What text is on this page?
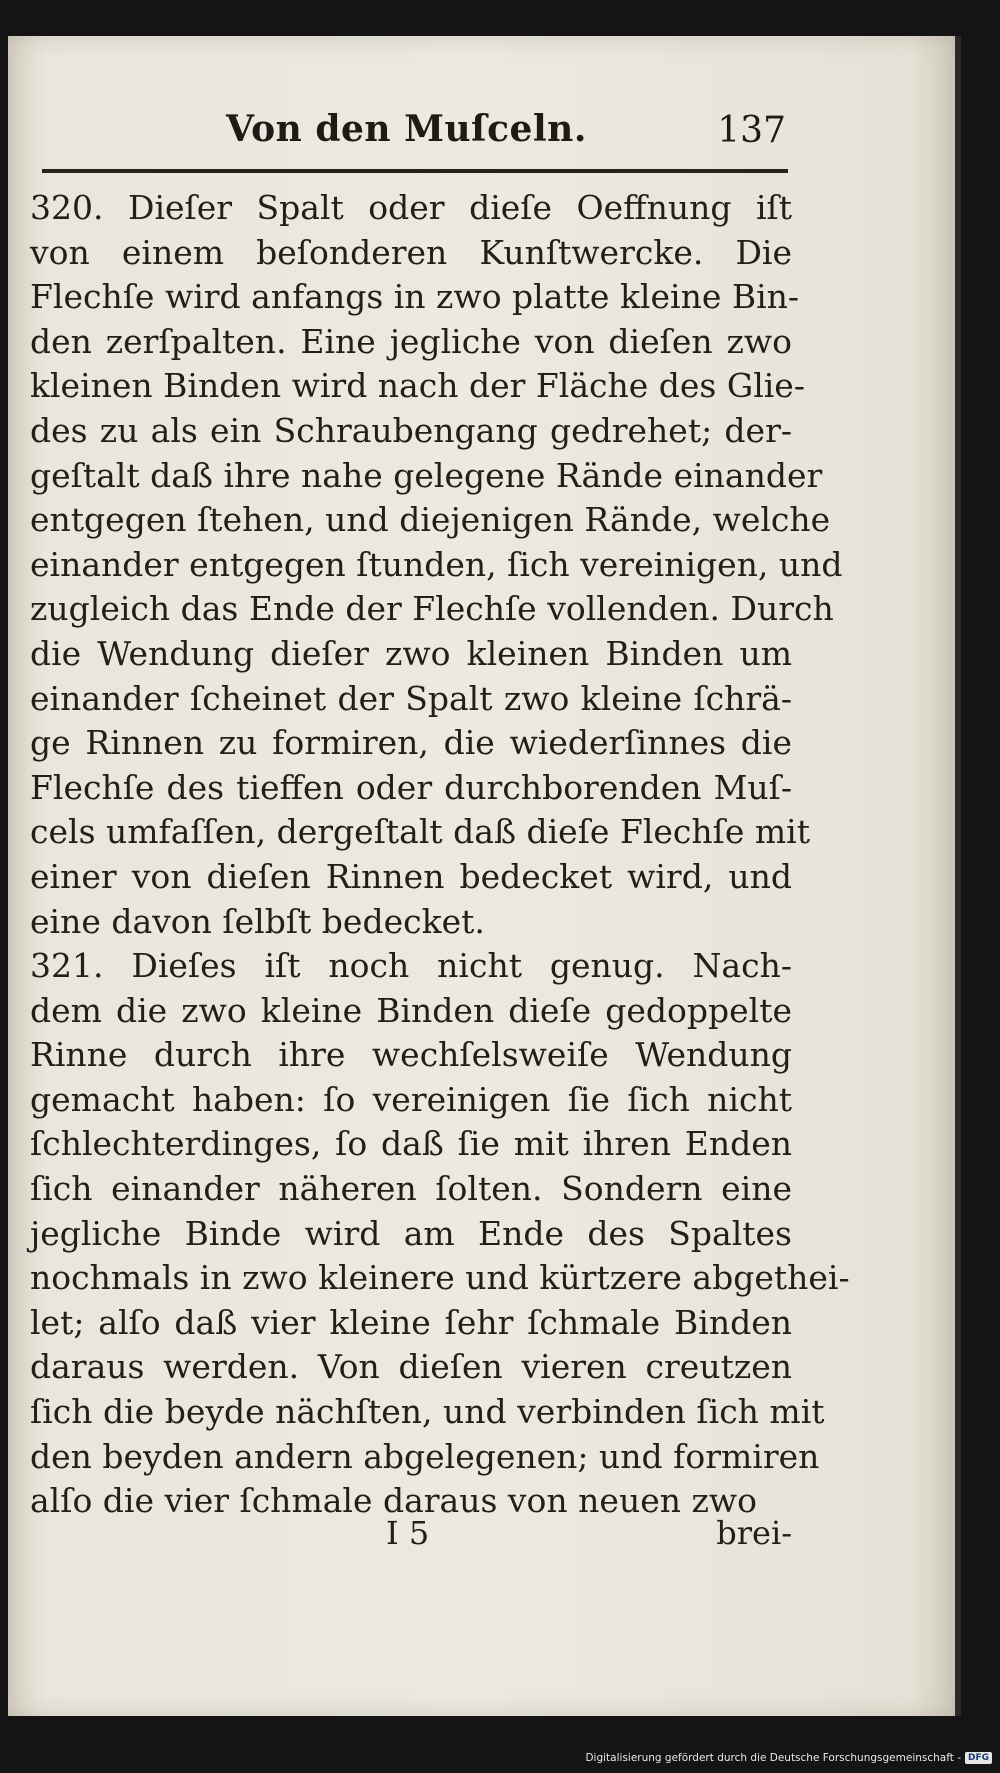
Von den Muſceln.	137
320. Dieſer Spalt oder dieſe Oeffnung iſt
von einem beſonderen Kunſtwercke. Die
Flechſe wird anfangs in zwo platte kleine Bin-
den zerſpalten. Eine jegliche von dieſen zwo
kleinen Binden wird nach der Fläche des Glie-
des zu als ein Schraubengang gedrehet; der-
geſtalt daß ihre nahe gelegene Rände einander
entgegen ſtehen, und diejenigen Rände, welche
einander entgegen ſtunden, ſich vereinigen, und
zugleich das Ende der Flechſe vollenden. Durch
die Wendung dieſer zwo kleinen Binden um
einander ſcheinet der Spalt zwo kleine ſchrä-
ge Rinnen zu formiren, die wiederſinnes die
Flechſe des tieffen oder durchborenden Muſ-
cels umfaſſen, dergeſtalt daß dieſe Flechſe mit
einer von dieſen Rinnen bedecket wird, und
eine davon ſelbſt bedecket.
321. Dieſes iſt noch nicht genug. Nach-
dem die zwo kleine Binden dieſe gedoppelte
Rinne durch ihre wechſelsweiſe Wendung
gemacht haben: ſo vereinigen ſie ſich nicht
ſchlechterdinges, ſo daß ſie mit ihren Enden
ſich einander näheren ſolten. Sondern eine
jegliche Binde wird am Ende des Spaltes
nochmals in zwo kleinere und kürtzere abgethei-
let; alſo daß vier kleine ſehr ſchmale Binden
daraus werden. Von dieſen vieren creutzen
ſich die beyde nächſten, und verbinden ſich mit
den beyden andern abgelegenen; und formiren
alſo die vier ſchmale daraus von neuen zwo
I 5	brei-
Digitalisierung gefördert durch die Deutsche Forschungsgemeinschaft - DFG
